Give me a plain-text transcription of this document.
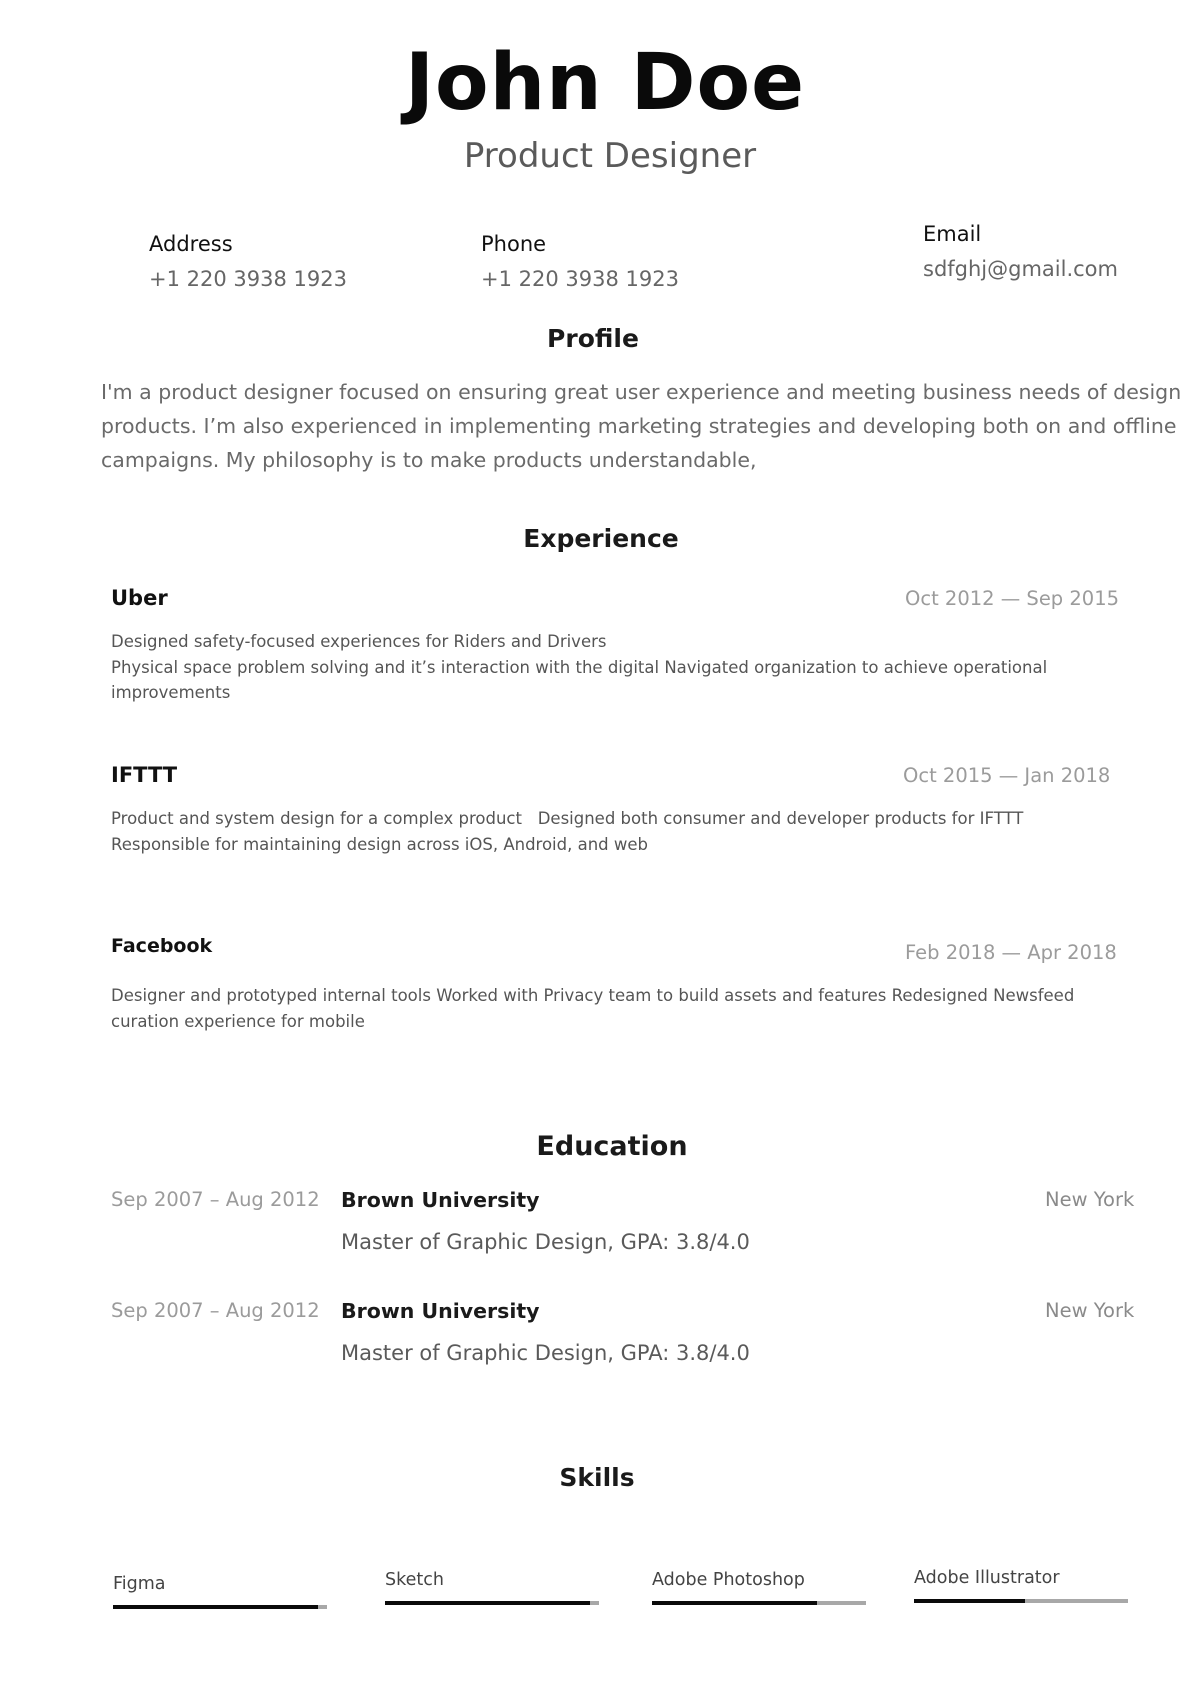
John Doe
Product Designer
Address
+1 220 3938 1923
Phone
+1 220 3938 1923
Email
sdfghj@gmail.com
Profile
I'm a product designer focused on ensuring great user experience and meeting business needs of design products. I’m also experienced in implementing marketing strategies and developing both on and offline campaigns. My philosophy is to make products understandable,
Experience
Uber	Oct 2012 — Sep 2015
Designed safety-focused experiences for Riders and Drivers
Physical space problem solving and it’s interaction with the digital Navigated organization to achieve operational improvements
IFTTT	Oct 2015 — Jan 2018
Product and system design for a complex product   Designed both consumer and developer products for IFTTT
Responsible for maintaining design across iOS, Android, and web
Facebook	Feb 2018 — Apr 2018
Designer and prototyped internal tools Worked with Privacy team to build assets and features Redesigned Newsfeed curation experience for mobile
Education
Sep 2007 – Aug 2012 Brown University
Master of Graphic Design, GPA: 3.8/4.0
New York
Sep 2007 – Aug 2012 Brown University
Master of Graphic Design, GPA: 3.8/4.0
New York
Skills
Figma	Sketch	Adobe Photoshop	Adobe Illustrator
